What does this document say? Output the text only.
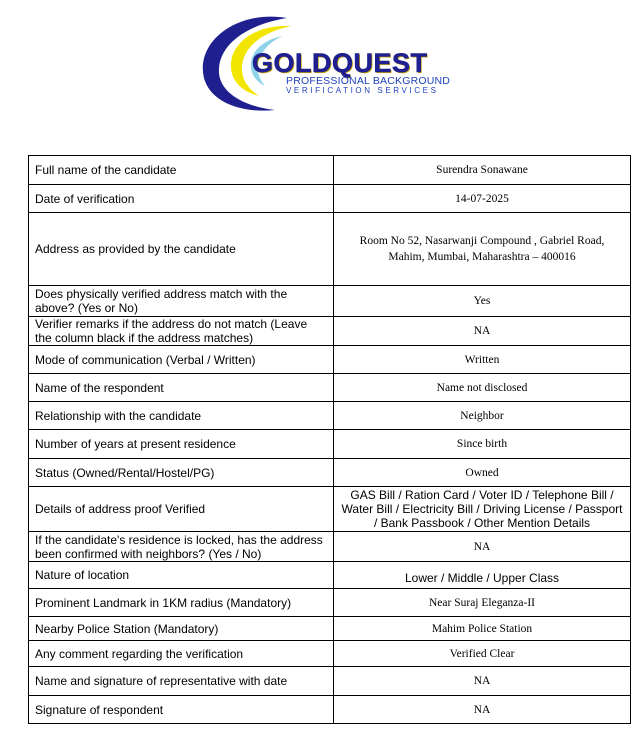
GOLDQUEST
PROFESSIONAL BACKGROUND
VERIFICATION SERVICES
Full name of the candidate	Surendra Sonawane
Date of verification	14-07-2025
Address as provided by the candidate	Room No 52, Nasarwanji Compound , Gabriel Road, Mahim, Mumbai, Maharashtra – 400016
Does physically verified address match with the above? (Yes or No)	Yes
Verifier remarks if the address do not match (Leave the column black if the address matches)	NA
Mode of communication (Verbal / Written)	Written
Name of the respondent	Name not disclosed
Relationship with the candidate	Neighbor
Number of years at present residence	Since birth
Status (Owned/Rental/Hostel/PG)	Owned
Details of address proof Verified	GAS Bill / Ration Card / Voter ID / Telephone Bill / Water Bill / Electricity Bill / Driving License / Passport / Bank Passbook / Other Mention Details
If the candidate's residence is locked, has the address been confirmed with neighbors? (Yes / No)	NA
Nature of location	Lower / Middle / Upper Class
Prominent Landmark in 1KM radius (Mandatory)	Near Suraj Eleganza-II
Nearby Police Station (Mandatory)	Mahim Police Station
Any comment regarding the verification	Verified Clear
Name and signature of representative with date	NA
Signature of respondent	NA
